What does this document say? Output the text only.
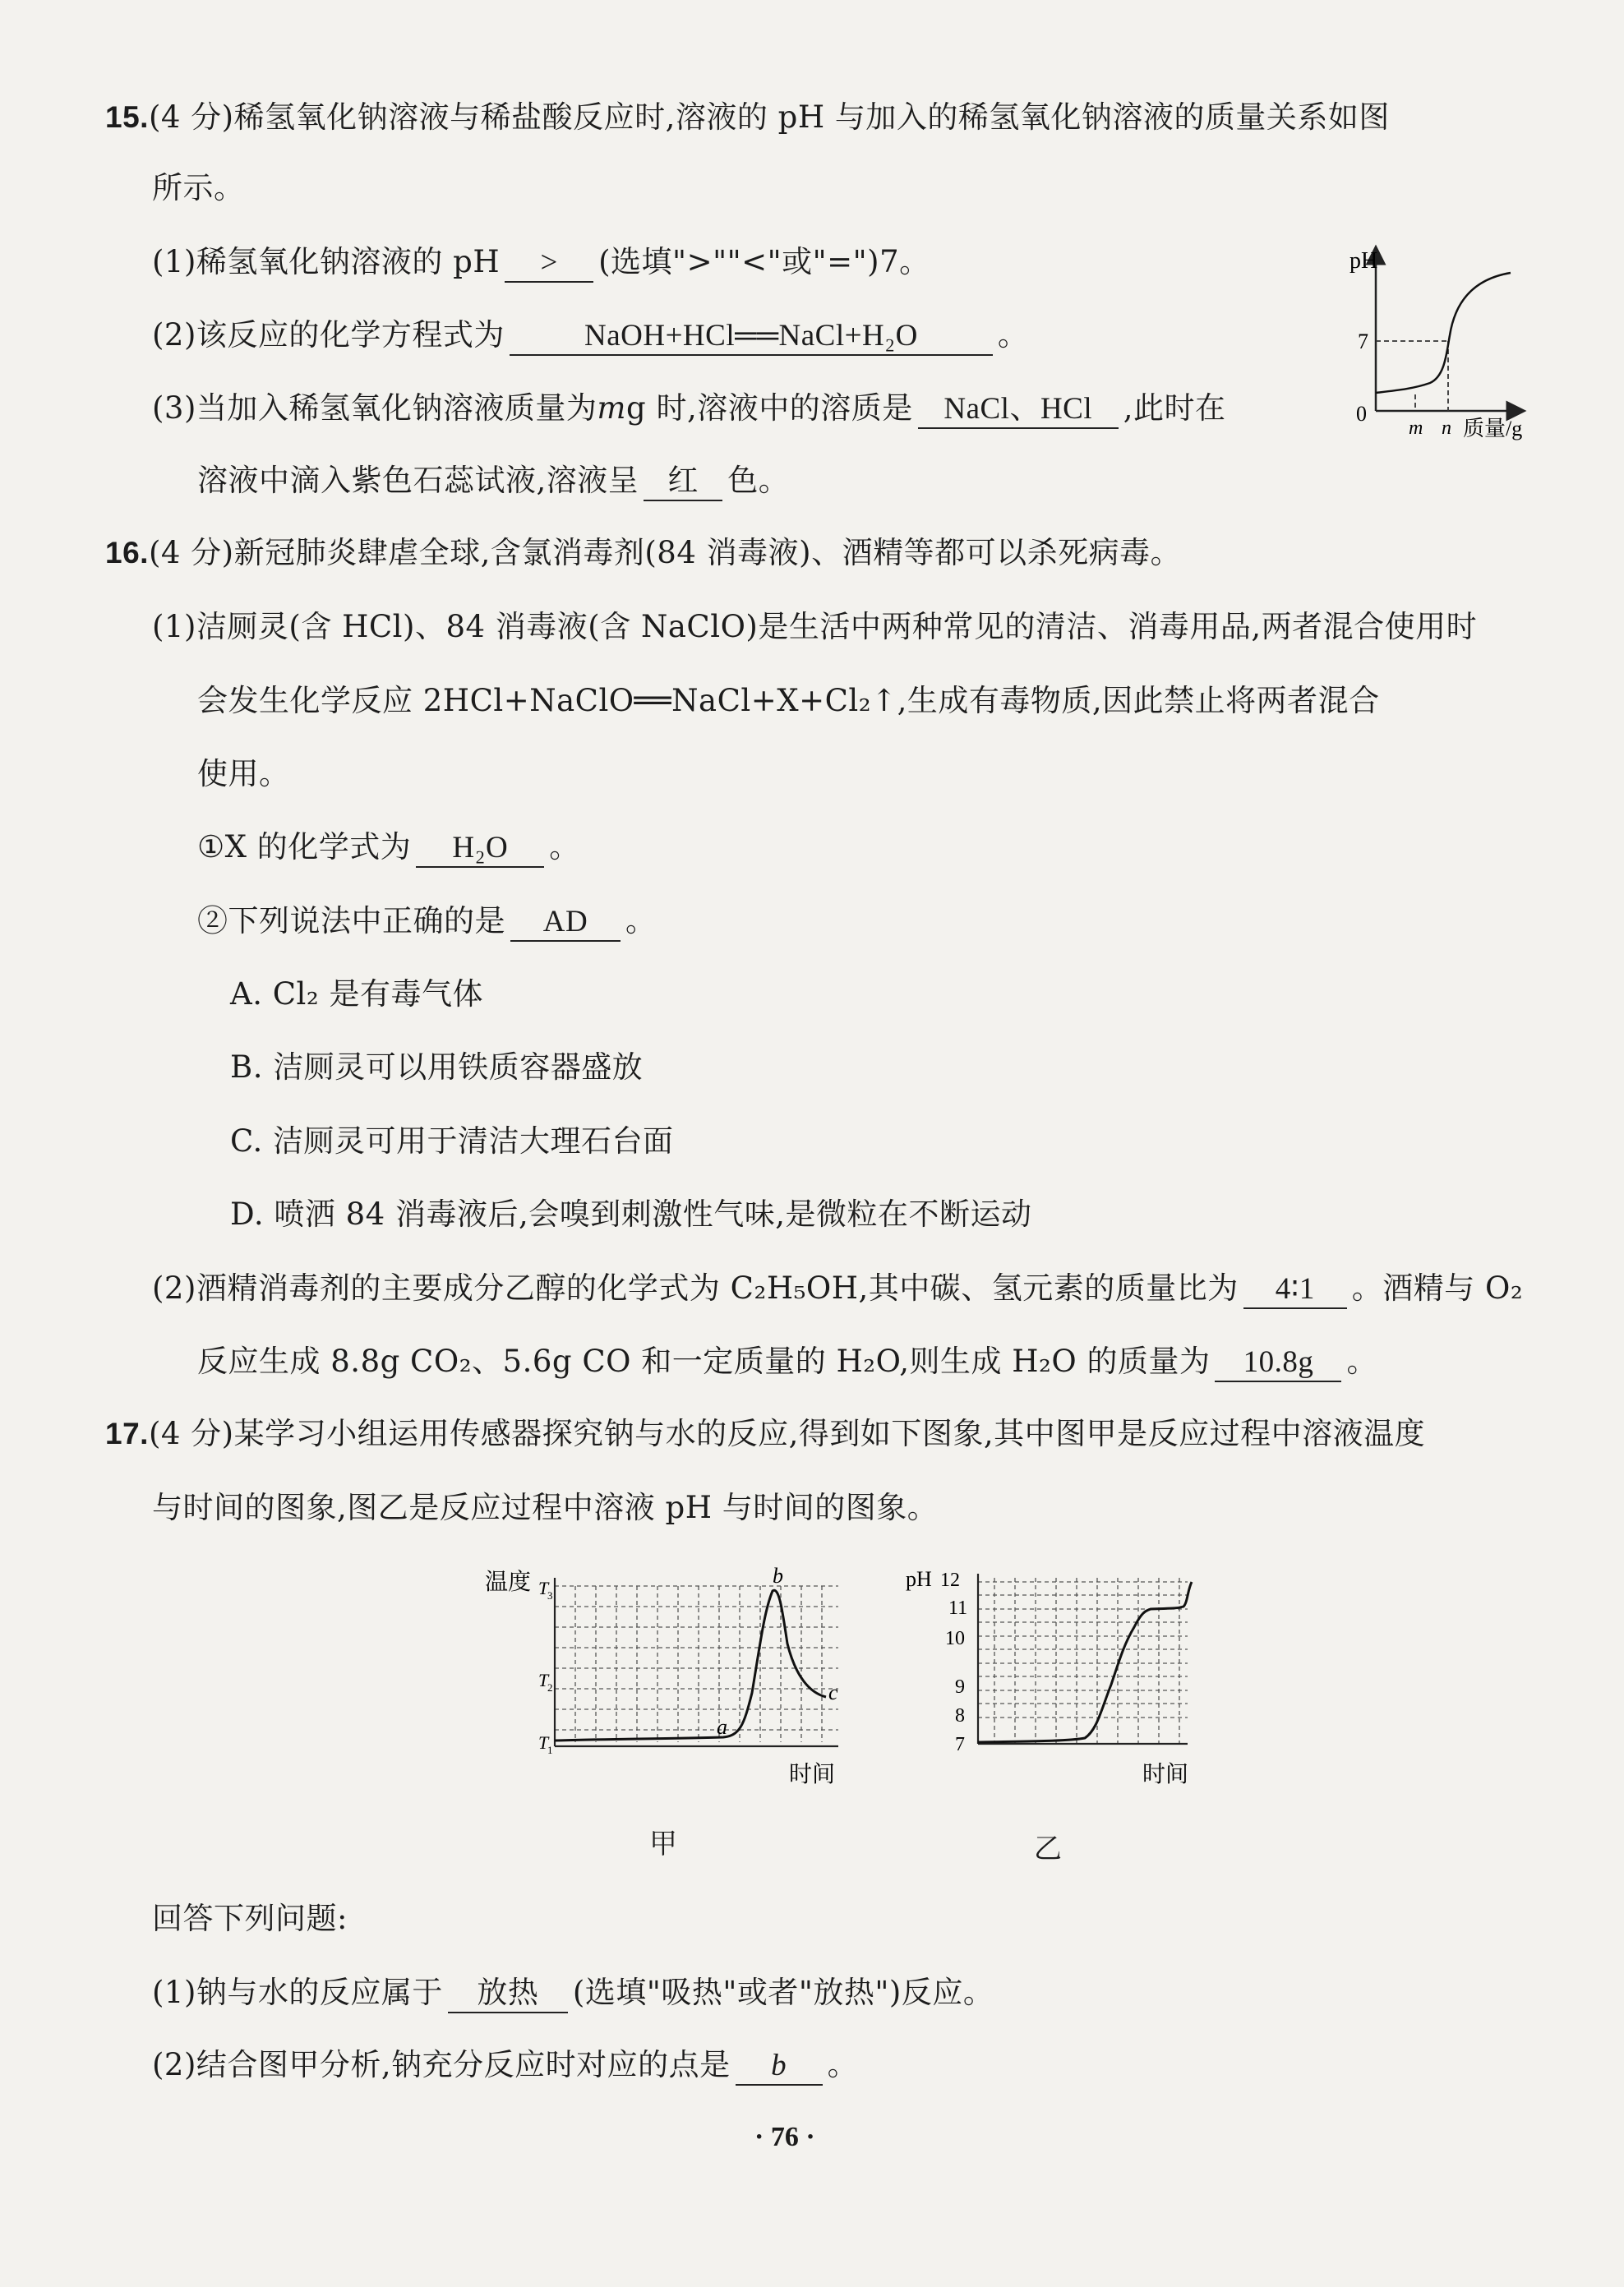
15.(4 分)稀氢氧化钠溶液与稀盐酸反应时,溶液的 pH 与加入的稀氢氧化钠溶液的质量关系如图
所示。
(1)稀氢氧化钠溶液的 pH > (选填">""<"或"=")7。
(2)该反应的化学方程式为	NaOH+HCl══NaCl+H₂O	。
(3)当加入稀氢氧化钠溶液质量为mg 时,溶液中的溶质是 NaCl、HCl ,此时在
溶液中滴入紫色石蕊试液,溶液呈 红 色。
pH
7
0
m n 质量/g
16.(4 分)新冠肺炎肆虐全球,含氯消毒剂(84 消毒液)、酒精等都可以杀死病毒。
(1)洁厕灵(含 HCl)、84 消毒液(含 NaClO)是生活中两种常见的清洁、消毒用品,两者混合使用时
会发生化学反应 2HCl+NaClO══NaCl+X+Cl₂↑,生成有毒物质,因此禁止将两者混合
使用。
①X 的化学式为 H₂O 。
②下列说法中正确的是 AD 。
A. Cl₂ 是有毒气体
B. 洁厕灵可以用铁质容器盛放
C. 洁厕灵可用于清洁大理石台面
D. 喷洒 84 消毒液后,会嗅到刺激性气味,是微粒在不断运动
(2)酒精消毒剂的主要成分乙醇的化学式为 C₂H₅OH,其中碳、氢元素的质量比为 4∶1 。酒精与 O₂
反应生成 8.8g CO₂、5.6g CO 和一定质量的 H₂O,则生成 H₂O 的质量为 10.8g 。
17.(4 分)某学习小组运用传感器探究钠与水的反应,得到如下图象,其中图甲是反应过程中溶液温度
与时间的图象,图乙是反应过程中溶液 pH 与时间的图象。
温度 T
3
T
2
T
1
a
b
c
时间
pH 12
11
10
9
8
7
时间
甲	乙
回答下列问题:
(1)钠与水的反应属于 放热 (选填"吸热"或者"放热")反应。
(2)结合图甲分析,钠充分反应时对应的点是 b 。
· 76 ·
